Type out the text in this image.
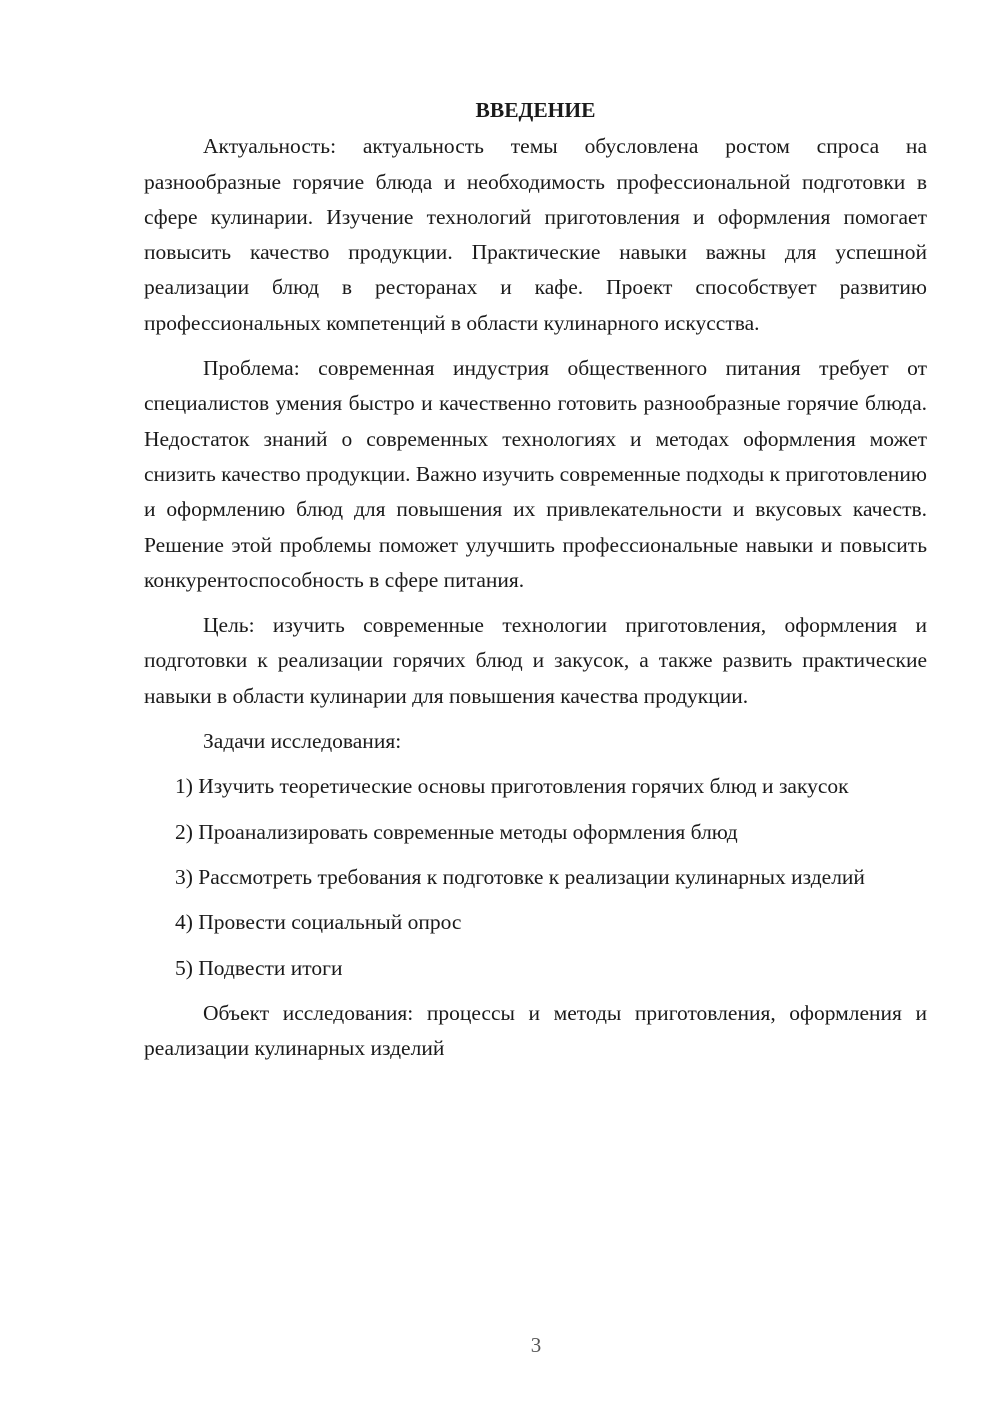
ВВЕДЕНИЕ

Актуальность: актуальность темы обусловлена ростом спроса на разнообразные горячие блюда и необходимость профессиональной подготовки в сфере кулинарии. Изучение технологий приготовления и оформления помогает повысить качество продукции. Практические навыки важны для успешной реализации блюд в ресторанах и кафе. Проект способствует развитию профессиональных компетенций в области кулинарного искусства.

Проблема: современная индустрия общественного питания требует от специалистов умения быстро и качественно готовить разнообразные горячие блюда. Недостаток знаний о современных технологиях и методах оформления может снизить качество продукции. Важно изучить современные подходы к приготовлению и оформлению блюд для повышения их привлекательности и вкусовых качеств. Решение этой проблемы поможет улучшить профессиональные навыки и повысить конкурентоспособность в сфере питания.

Цель: изучить современные технологии приготовления, оформления и подготовки к реализации горячих блюд и закусок, а также развить практические навыки в области кулинарии для повышения качества продукции.

Задачи исследования:

1) Изучить теоретические основы приготовления горячих блюд и закусок

2) Проанализировать современные методы оформления блюд

3) Рассмотреть требования к подготовке к реализации кулинарных изделий

4) Провести социальный опрос

5) Подвести итоги

Объект исследования: процессы и методы приготовления, оформления и реализации кулинарных изделий

3
